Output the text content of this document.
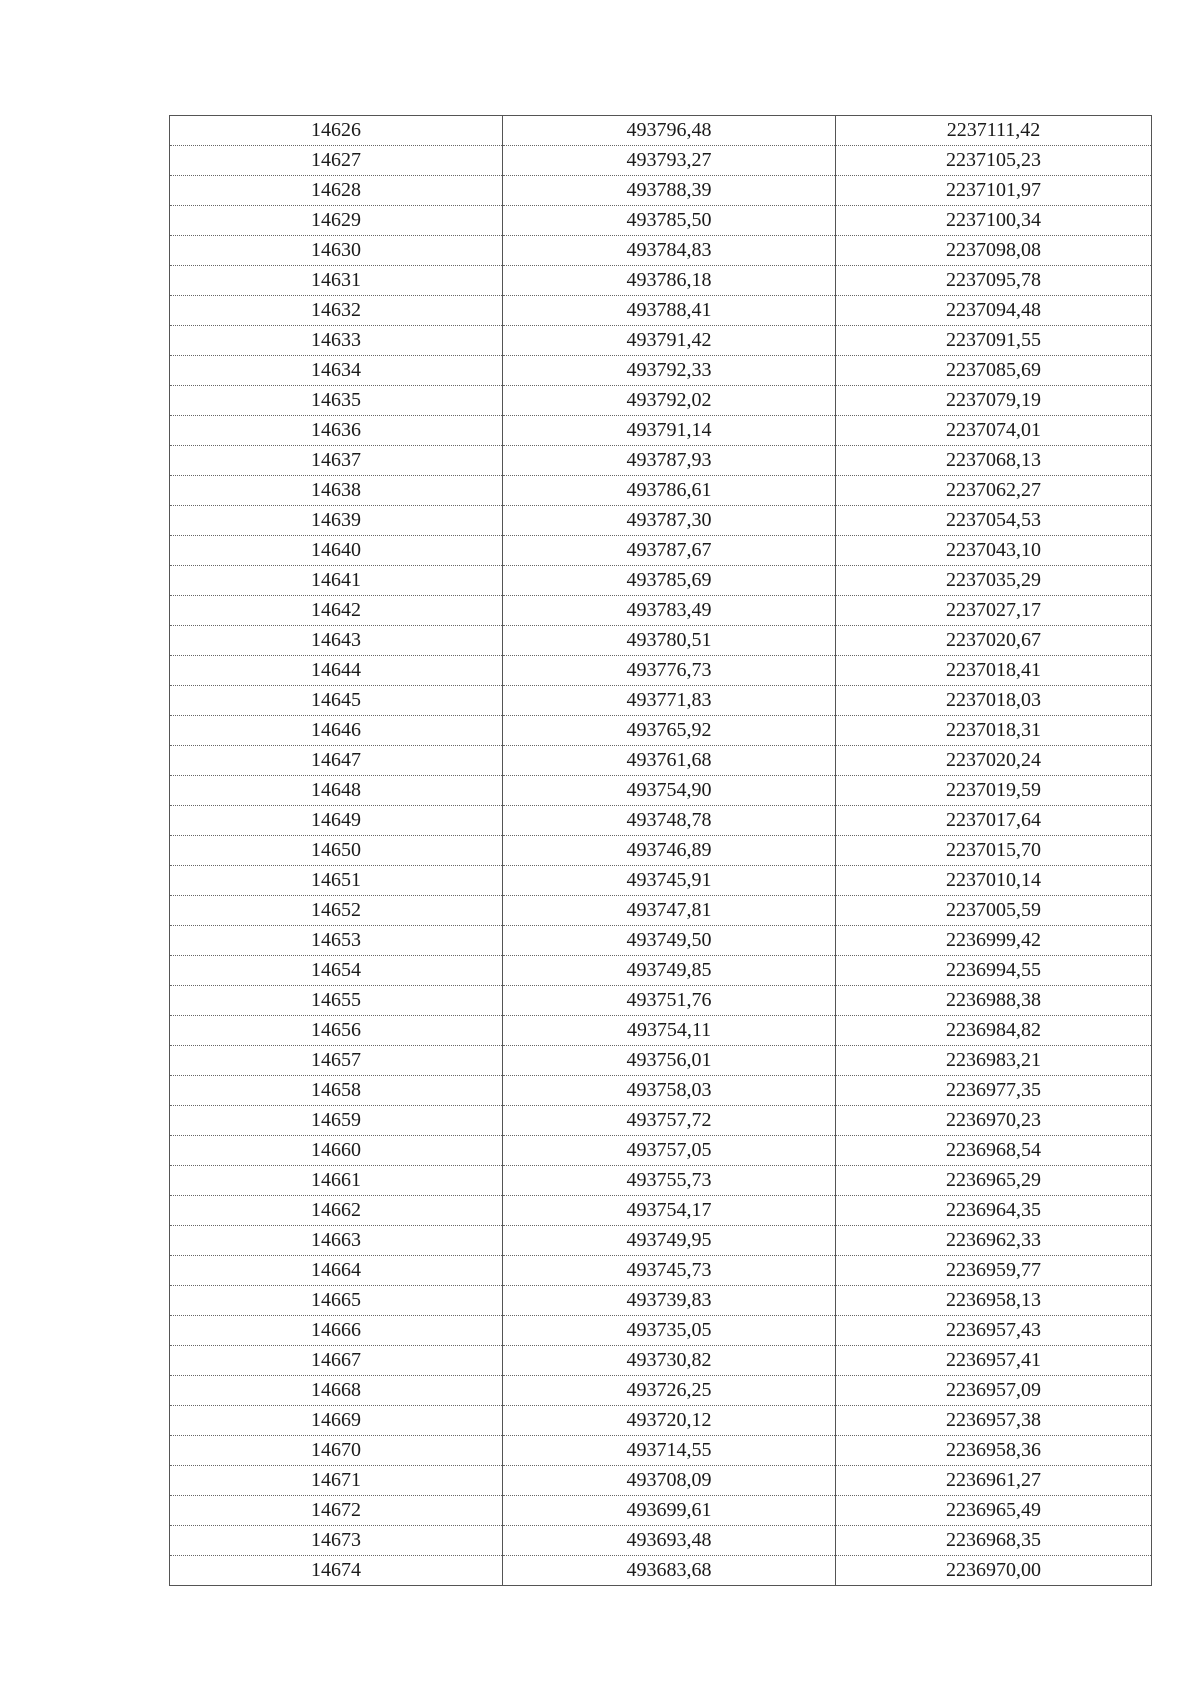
14626	493796,48	2237111,42
14627	493793,27	2237105,23
14628	493788,39	2237101,97
14629	493785,50	2237100,34
14630	493784,83	2237098,08
14631	493786,18	2237095,78
14632	493788,41	2237094,48
14633	493791,42	2237091,55
14634	493792,33	2237085,69
14635	493792,02	2237079,19
14636	493791,14	2237074,01
14637	493787,93	2237068,13
14638	493786,61	2237062,27
14639	493787,30	2237054,53
14640	493787,67	2237043,10
14641	493785,69	2237035,29
14642	493783,49	2237027,17
14643	493780,51	2237020,67
14644	493776,73	2237018,41
14645	493771,83	2237018,03
14646	493765,92	2237018,31
14647	493761,68	2237020,24
14648	493754,90	2237019,59
14649	493748,78	2237017,64
14650	493746,89	2237015,70
14651	493745,91	2237010,14
14652	493747,81	2237005,59
14653	493749,50	2236999,42
14654	493749,85	2236994,55
14655	493751,76	2236988,38
14656	493754,11	2236984,82
14657	493756,01	2236983,21
14658	493758,03	2236977,35
14659	493757,72	2236970,23
14660	493757,05	2236968,54
14661	493755,73	2236965,29
14662	493754,17	2236964,35
14663	493749,95	2236962,33
14664	493745,73	2236959,77
14665	493739,83	2236958,13
14666	493735,05	2236957,43
14667	493730,82	2236957,41
14668	493726,25	2236957,09
14669	493720,12	2236957,38
14670	493714,55	2236958,36
14671	493708,09	2236961,27
14672	493699,61	2236965,49
14673	493693,48	2236968,35
14674	493683,68	2236970,00
